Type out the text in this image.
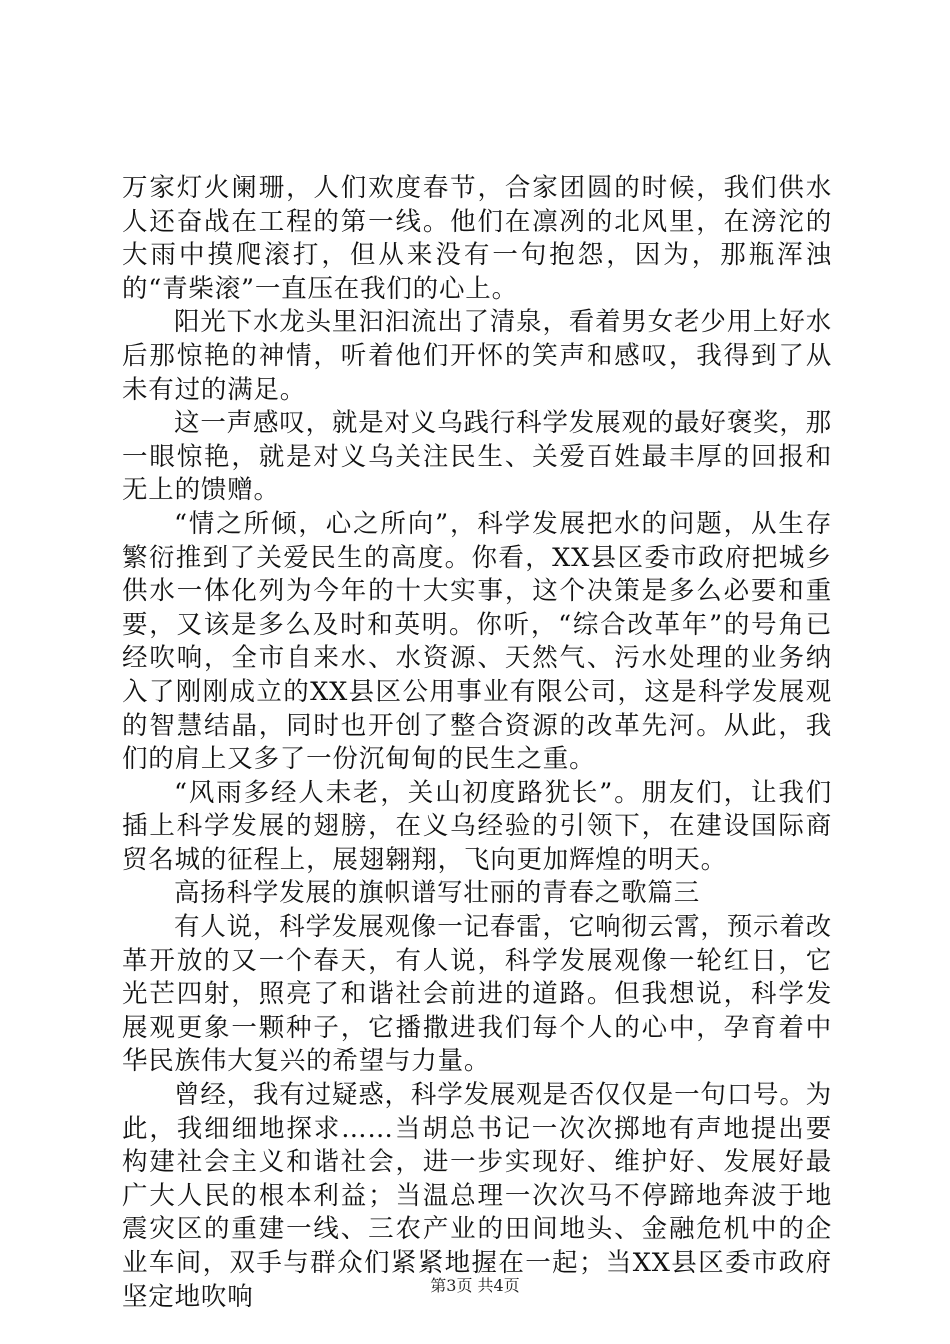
万家灯火阑珊，人们欢度春节，合家团圆的时候，我们供水人还奋战在工程的第一线。他们在凛冽的北风里，在滂沱的大雨中摸爬滚打，但从来没有一句抱怨，因为，那瓶浑浊的“青柴滚”一直压在我们的心上。

阳光下水龙头里汩汩流出了清泉，看着男女老少用上好水后那惊艳的神情，听着他们开怀的笑声和感叹，我得到了从未有过的满足。

这一声感叹，就是对义乌践行科学发展观的最好褒奖，那一眼惊艳，就是对义乌关注民生、关爱百姓最丰厚的回报和无上的馈赠。

“情之所倾，心之所向”，科学发展把水的问题，从生存繁衍推到了关爱民生的高度。你看，XX县区委市政府把城乡供水一体化列为今年的十大实事，这个决策是多么必要和重要，又该是多么及时和英明。你听，“综合改革年”的号角已经吹响，全市自来水、水资源、天然气、污水处理的业务纳入了刚刚成立的XX县区公用事业有限公司，这是科学发展观的智慧结晶，同时也开创了整合资源的改革先河。从此，我们的肩上又多了一份沉甸甸的民生之重。

“风雨多经人未老，关山初度路犹长”。朋友们，让我们插上科学发展的翅膀，在义乌经验的引领下，在建设国际商贸名城的征程上，展翅翱翔，飞向更加辉煌的明天。

高扬科学发展的旗帜谱写壮丽的青春之歌篇三

有人说，科学发展观像一记春雷，它响彻云霄，预示着改革开放的又一个春天，有人说，科学发展观像一轮红日，它光芒四射，照亮了和谐社会前进的道路。但我想说，科学发展观更象一颗种子，它播撒进我们每个人的心中，孕育着中华民族伟大复兴的希望与力量。

曾经，我有过疑惑，科学发展观是否仅仅是一句口号。为此，我细细地探求……当胡总书记一次次掷地有声地提出要构建社会主义和谐社会，进一步实现好、维护好、发展好最广大人民的根本利益；当温总理一次次马不停蹄地奔波于地震灾区的重建一线、三农产业的田间地头、金融危机中的企业车间，双手与群众们紧紧地握在一起；当XX县区委市政府坚定地吹响	第3页 共4页
